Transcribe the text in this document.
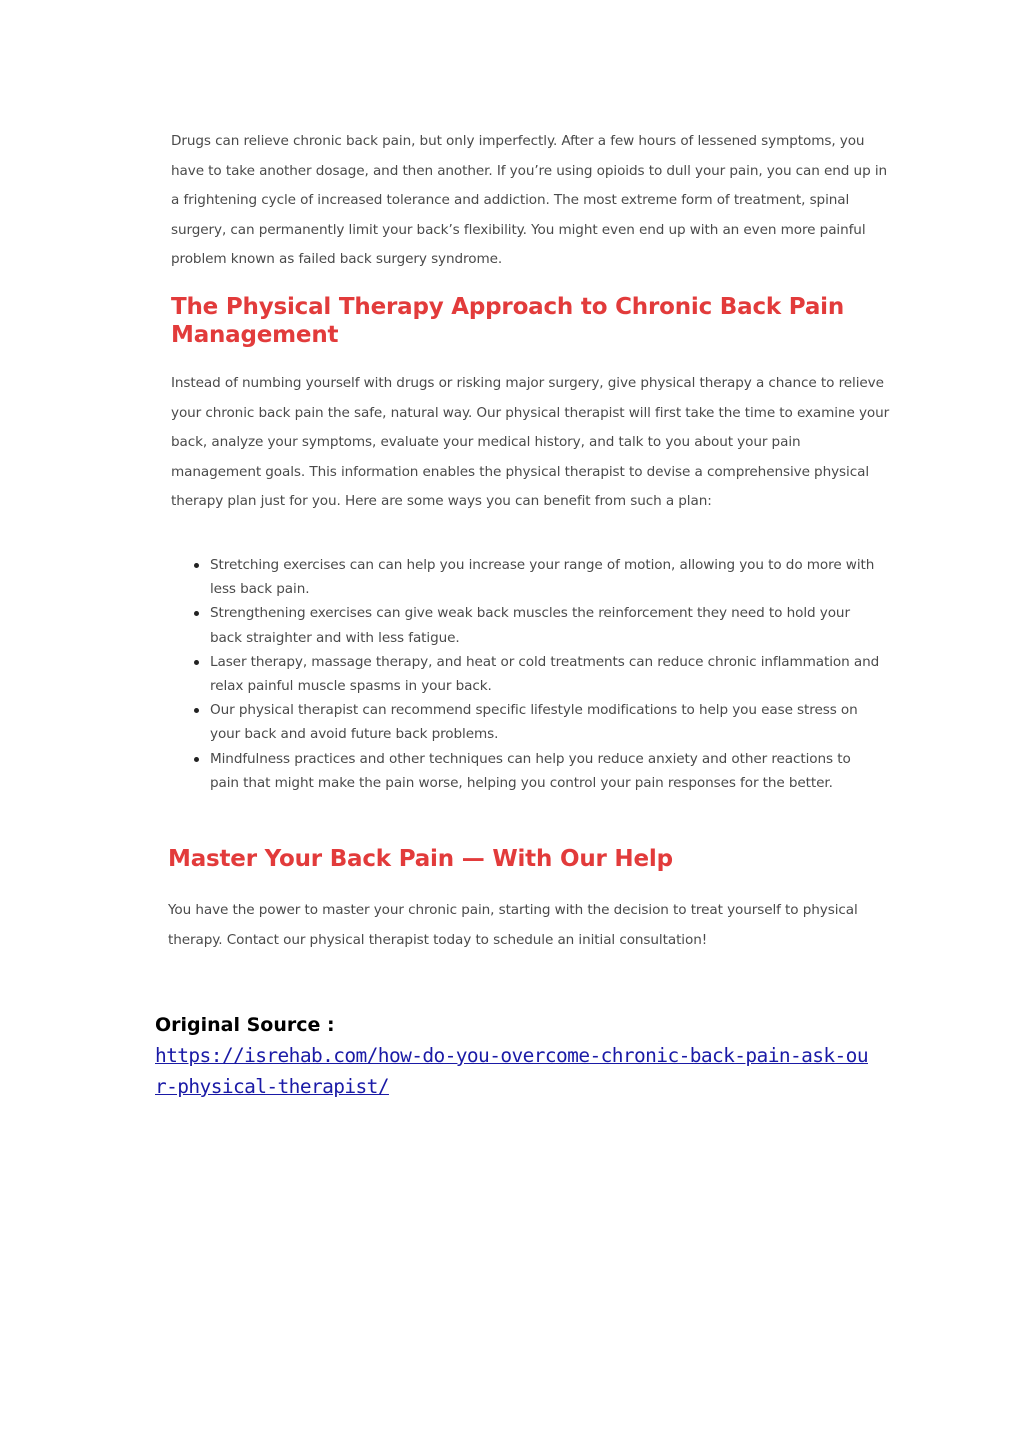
Drugs can relieve chronic back pain, but only imperfectly. After a few hours of lessened symptoms, you have to take another dosage, and then another. If you’re using opioids to dull your pain, you can end up in a frightening cycle of increased tolerance and addiction. The most extreme form of treatment, spinal surgery, can permanently limit your back’s flexibility. You might even end up with an even more painful problem known as failed back surgery syndrome.

The Physical Therapy Approach to Chronic Back Pain Management

Instead of numbing yourself with drugs or risking major surgery, give physical therapy a chance to relieve your chronic back pain the safe, natural way. Our physical therapist will first take the time to examine your back, analyze your symptoms, evaluate your medical history, and talk to you about your pain management goals. This information enables the physical therapist to devise a comprehensive physical therapy plan just for you. Here are some ways you can benefit from such a plan:

Stretching exercises can can help you increase your range of motion, allowing you to do more with less back pain.
Strengthening exercises can give weak back muscles the reinforcement they need to hold your back straighter and with less fatigue.
Laser therapy, massage therapy, and heat or cold treatments can reduce chronic inflammation and relax painful muscle spasms in your back.
Our physical therapist can recommend specific lifestyle modifications to help you ease stress on your back and avoid future back problems.
Mindfulness practices and other techniques can help you reduce anxiety and other reactions to pain that might make the pain worse, helping you control your pain responses for the better.
Master Your Back Pain — With Our Help

You have the power to master your chronic pain, starting with the decision to treat yourself to physical therapy. Contact our physical therapist today to schedule an initial consultation!

Original Source :

https://isrehab.com/how-do-you-overcome-chronic-back-pain-ask-our-physical-therapist/
